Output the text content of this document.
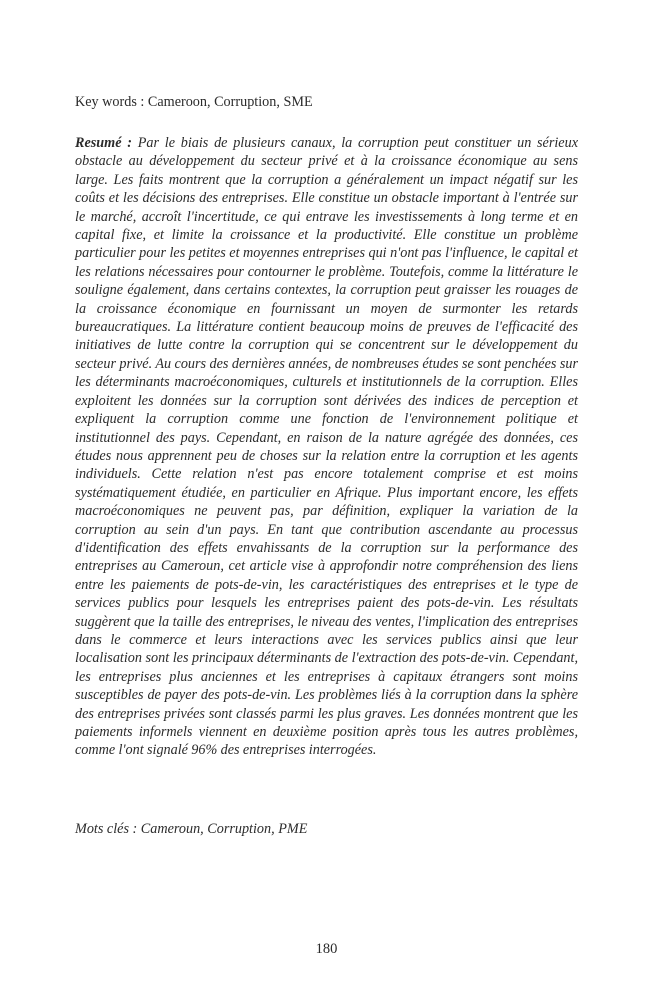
Key words : Cameroon, Corruption, SME

Resumé : Par le biais de plusieurs canaux, la corruption peut constituer un sérieux obstacle au développement du secteur privé et à la croissance économique au sens large. Les faits montrent que la corruption a généralement un impact négatif sur les coûts et les décisions des entreprises. Elle constitue un obstacle important à l'entrée sur le marché, accroît l'incertitude, ce qui entrave les investissements à long terme et en capital fixe, et limite la croissance et la productivité. Elle constitue un problème particulier pour les petites et moyennes entreprises qui n'ont pas l'influence, le capital et les relations nécessaires pour contourner le problème. Toutefois, comme la littérature le souligne également, dans certains contextes, la corruption peut graisser les rouages de la croissance économique en fournissant un moyen de surmonter les retards bureaucratiques. La littérature contient beaucoup moins de preuves de l'efficacité des initiatives de lutte contre la corruption qui se concentrent sur le développement du secteur privé. Au cours des dernières années, de nombreuses études se sont penchées sur les déterminants macroéconomiques, culturels et institutionnels de la corruption. Elles exploitent les données sur la corruption sont dérivées des indices de perception et expliquent la corruption comme une fonction de l'environnement politique et institutionnel des pays. Cependant, en raison de la nature agrégée des données, ces études nous apprennent peu de choses sur la relation entre la corruption et les agents individuels. Cette relation n'est pas encore totalement comprise et est moins systématiquement étudiée, en particulier en Afrique. Plus important encore, les effets macroéconomiques ne peuvent pas, par définition, expliquer la variation de la corruption au sein d'un pays. En tant que contribution ascendante au processus d'identification des effets envahissants de la corruption sur la performance des entreprises au Cameroun, cet article vise à approfondir notre compréhension des liens entre les paiements de pots-de-vin, les caractéristiques des entreprises et le type de services publics pour lesquels les entreprises paient des pots-de-vin. Les résultats suggèrent que la taille des entreprises, le niveau des ventes, l'implication des entreprises dans le commerce et leurs interactions avec les services publics ainsi que leur localisation sont les principaux déterminants de l'extraction des pots-de-vin. Cependant, les entreprises plus anciennes et les entreprises à capitaux étrangers sont moins susceptibles de payer des pots-de-vin. Les problèmes liés à la corruption dans la sphère des entreprises privées sont classés parmi les plus graves. Les données montrent que les paiements informels viennent en deuxième position après tous les autres problèmes, comme l'ont signalé 96% des entreprises interrogées.

Mots clés : Cameroun, Corruption, PME
180
